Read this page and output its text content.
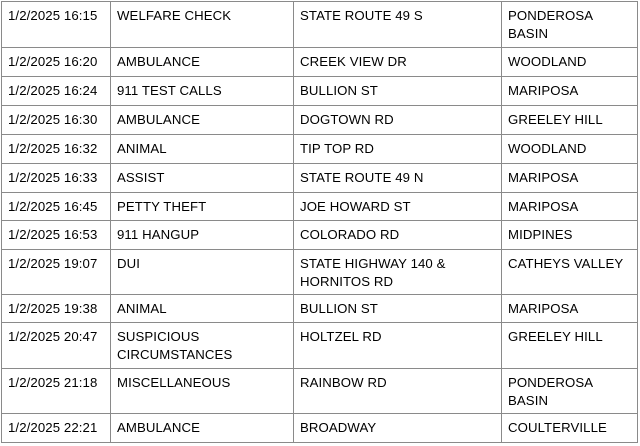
1/2/2025 16:15	WELFARE CHECK	STATE ROUTE 49 S	PONDEROSA BASIN
1/2/2025 16:20	AMBULANCE	CREEK VIEW DR	WOODLAND
1/2/2025 16:24	911 TEST CALLS	BULLION ST	MARIPOSA
1/2/2025 16:30	AMBULANCE	DOGTOWN RD	GREELEY HILL
1/2/2025 16:32	ANIMAL	TIP TOP RD	WOODLAND
1/2/2025 16:33	ASSIST	STATE ROUTE 49 N	MARIPOSA
1/2/2025 16:45	PETTY THEFT	JOE HOWARD ST	MARIPOSA
1/2/2025 16:53	911 HANGUP	COLORADO RD	MIDPINES
1/2/2025 19:07	DUI	STATE HIGHWAY 140 & HORNITOS RD	CATHEYS VALLEY
1/2/2025 19:38	ANIMAL	BULLION ST	MARIPOSA
1/2/2025 20:47	SUSPICIOUS CIRCUMSTANCES	HOLTZEL RD	GREELEY HILL
1/2/2025 21:18	MISCELLANEOUS	RAINBOW RD	PONDEROSA BASIN
1/2/2025 22:21	AMBULANCE	BROADWAY	COULTERVILLE
